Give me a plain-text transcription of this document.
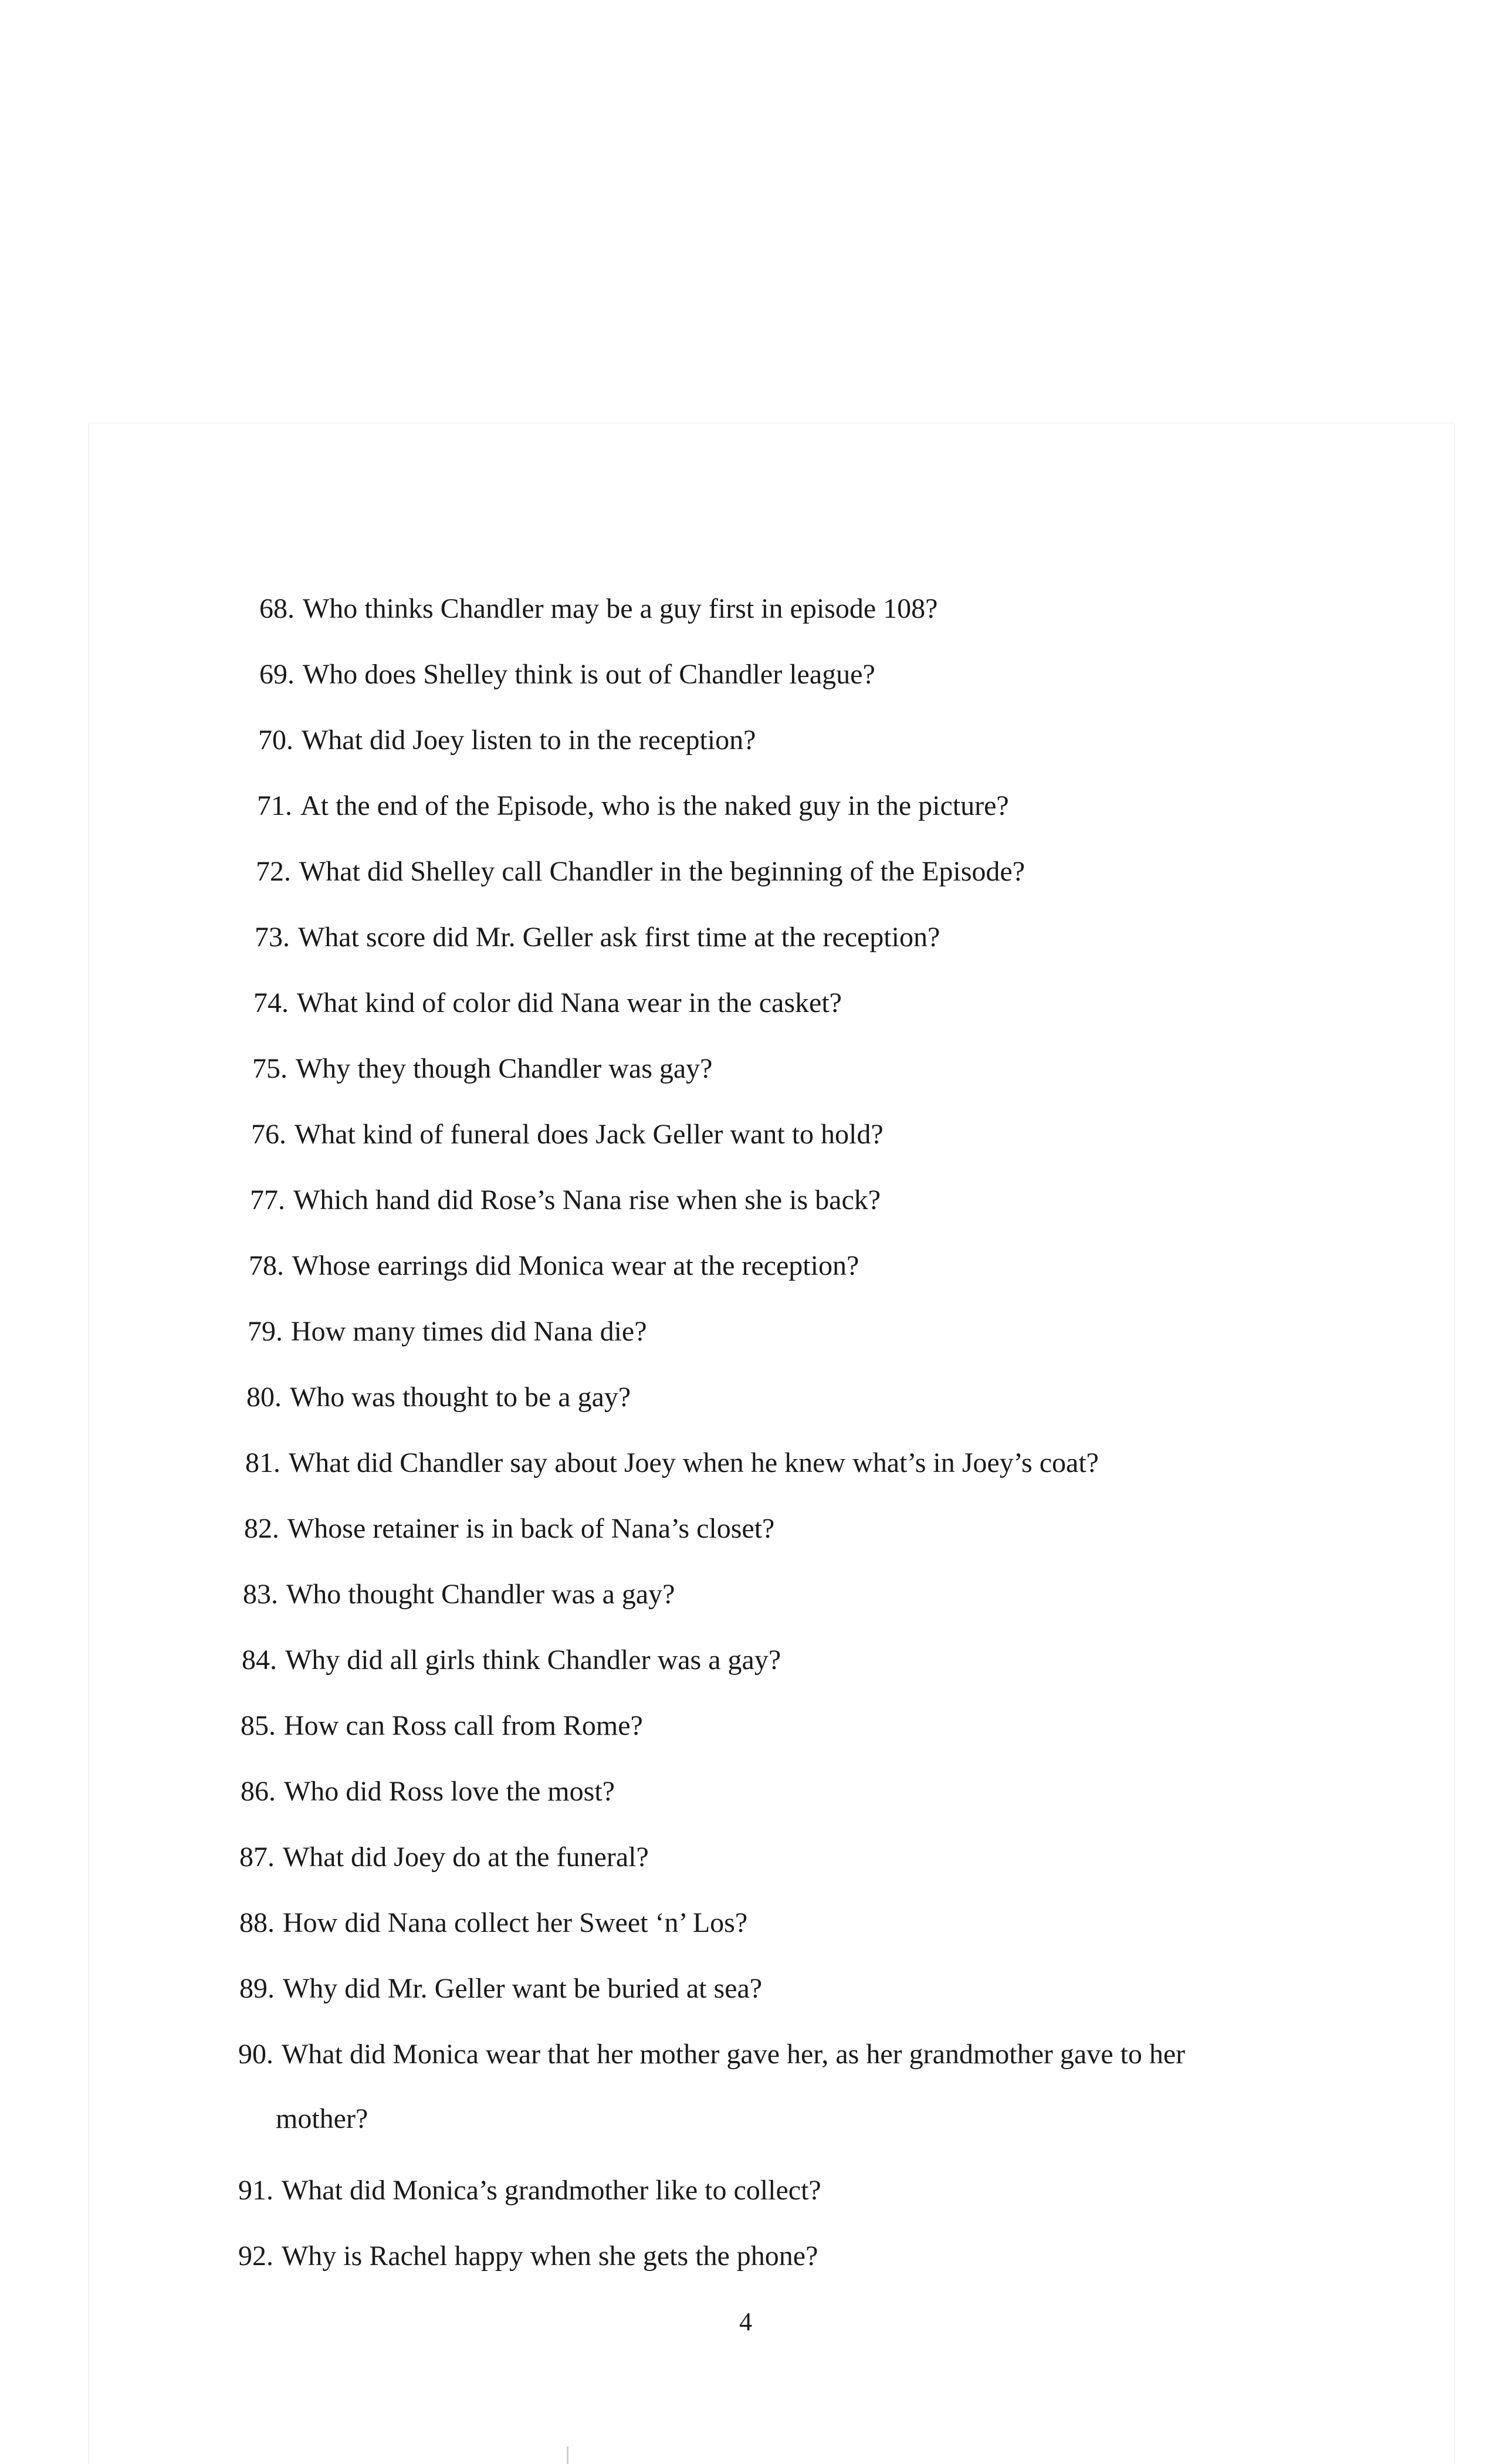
68. Who thinks Chandler may be a guy first in episode 108?
69. Who does Shelley think is out of Chandler league?
70. What did Joey listen to in the reception?
71. At the end of the Episode, who is the naked guy in the picture?
72. What did Shelley call Chandler in the beginning of the Episode?
73. What score did Mr. Geller ask first time at the reception?
74. What kind of color did Nana wear in the casket?
75. Why they though Chandler was gay?
76. What kind of funeral does Jack Geller want to hold?
77. Which hand did Rose’s Nana rise when she is back?
78. Whose earrings did Monica wear at the reception?
79. How many times did Nana die?
80. Who was thought to be a gay?
81. What did Chandler say about Joey when he knew what’s in Joey’s coat?
82. Whose retainer is in back of Nana’s closet?
83. Who thought Chandler was a gay?
84. Why did all girls think Chandler was a gay?
85. How can Ross call from Rome?
86. Who did Ross love the most?
87. What did Joey do at the funeral?
88. How did Nana collect her Sweet ‘n’ Los?
89. Why did Mr. Geller want be buried at sea?
90. What did Monica wear that her mother gave her, as her grandmother gave to her
mother?
91. What did Monica’s grandmother like to collect?
92. Why is Rachel happy when she gets the phone?
4
